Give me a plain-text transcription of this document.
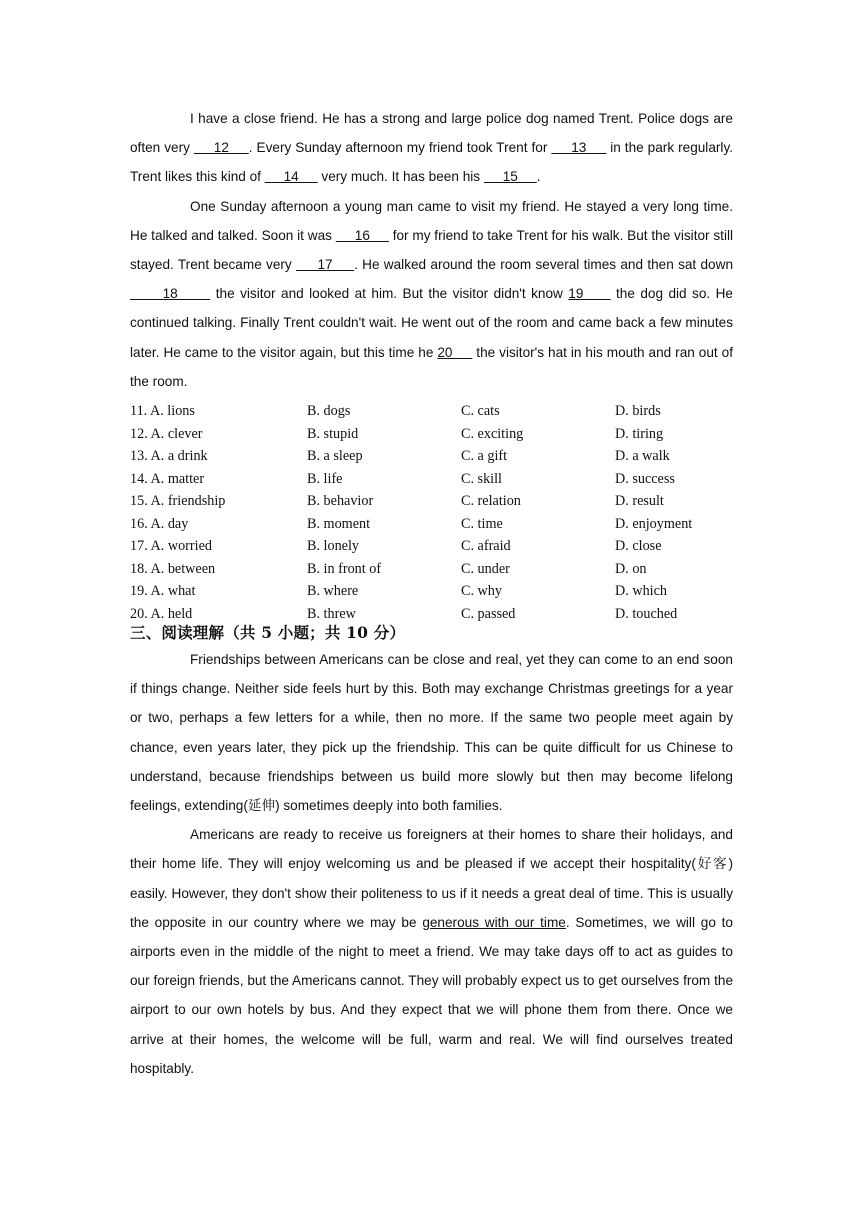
I have a close friend. He has a strong and large police dog named Trent. Police dogs are often very      12     . Every Sunday afternoon my friend took Trent for      13      in the park regularly. Trent likes this kind of      14      very much. It has been his      15     .

One Sunday afternoon a young man came to visit my friend. He stayed a very long time. He talked and talked. Soon it was      16      for my friend to take Trent for his walk. But the visitor still stayed. Trent became very      17     . He walked around the room several times and then sat down       18       the visitor and looked at him. But the visitor didn't know 19      the dog did so. He continued talking. Finally Trent couldn't wait. He went out of the room and came back a few minutes later. He came to the visitor again, but this time he 20      the visitor's hat in his mouth and ran out of the room.

11. A. lions	B. dogs	C. cats	D. birds
12. A. clever	B. stupid	C. exciting	D. tiring
13. A. a drink	B. a sleep	C. a gift	D. a walk
14. A. matter	B. life	C. skill	D. success
15. A. friendship	B. behavior	C. relation	D. result
16. A. day	B. moment	C. time	D. enjoyment
17. A. worried	B. lonely	C. afraid	D. close
18. A. between	B. in front of	C. under	D. on
19. A. what	B. where	C. why	D. which
20. A. held	B. threw	C. passed	D. touched
三、阅读理解（共 5 小题；共 10 分）

Friendships between Americans can be close and real, yet they can come to an end soon if things change. Neither side feels hurt by this. Both may exchange Christmas greetings for a year or two, perhaps a few letters for a while, then no more. If the same two people meet again by chance, even years later, they pick up the friendship. This can be quite difficult for us Chinese to understand, because friendships between us build more slowly but then may become lifelong feelings, extending(延伸) sometimes deeply into both families.

Americans are ready to receive us foreigners at their homes to share their holidays, and their home life. They will enjoy welcoming us and be pleased if we accept their hospitality(好客) easily. However, they don't show their politeness to us if it needs a great deal of time. This is usually the opposite in our country where we may be generous with our time. Sometimes, we will go to airports even in the middle of the night to meet a friend. We may take days off to act as guides to our foreign friends, but the Americans cannot. They will probably expect us to get ourselves from the airport to our own hotels by bus. And they expect that we will phone them from there. Once we arrive at their homes, the welcome will be full, warm and real. We will find ourselves treated hospitably.
